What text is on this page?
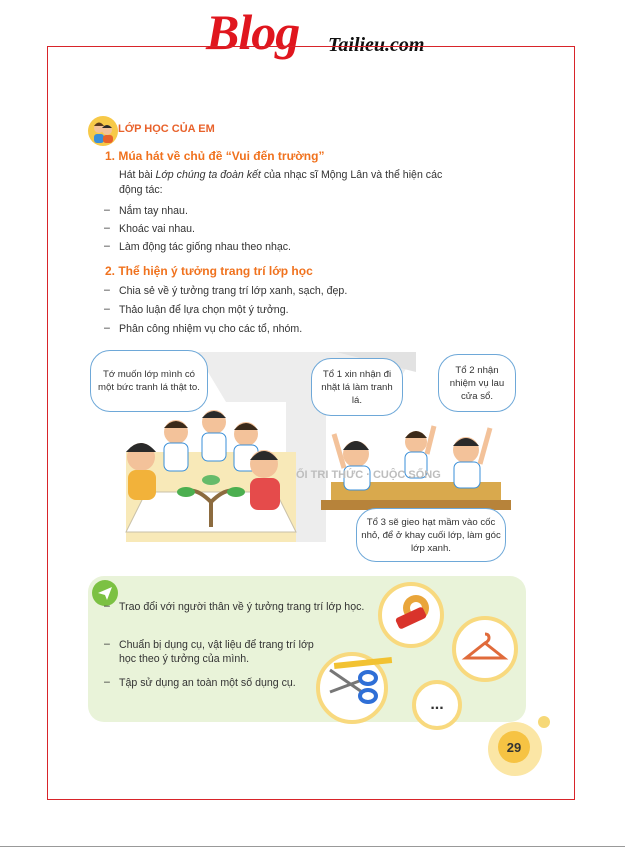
Blog Tailieu.com
LỚP HỌC CỦA EM
1. Múa hát về chủ đề “Vui đến trường”
Hát bài Lớp chúng ta đoàn kết của nhạc sĩ Mộng Lân và thể hiện các
động tác:
– Nắm tay nhau.
– Khoác vai nhau.
– Làm động tác giống nhau theo nhạc.
2. Thể hiện ý tưởng trang trí lớp học
– Chia sẻ về ý tưởng trang trí lớp xanh, sạch, đẹp.
– Thảo luận để lựa chọn một ý tưởng.
– Phân công nhiệm vụ cho các tổ, nhóm.
ỐI TRI THỨC · CUỘC SỐNG
Tớ muốn lớp mình có một bức tranh lá thật to.
Tổ 1 xin nhận đi nhặt lá làm tranh lá.
Tổ 2 nhận nhiệm vụ lau cửa sổ.
Tổ 3 sẽ gieo hạt mầm vào cốc nhỏ, để ở khay cuối lớp, làm góc lớp xanh.
– Trao đổi với người thân về ý tưởng trang trí lớp học.
– Chuẩn bị dụng cụ, vật liệu để trang trí lớp học theo ý tưởng của mình.
– Tập sử dụng an toàn một số dụng cụ.
...
29
